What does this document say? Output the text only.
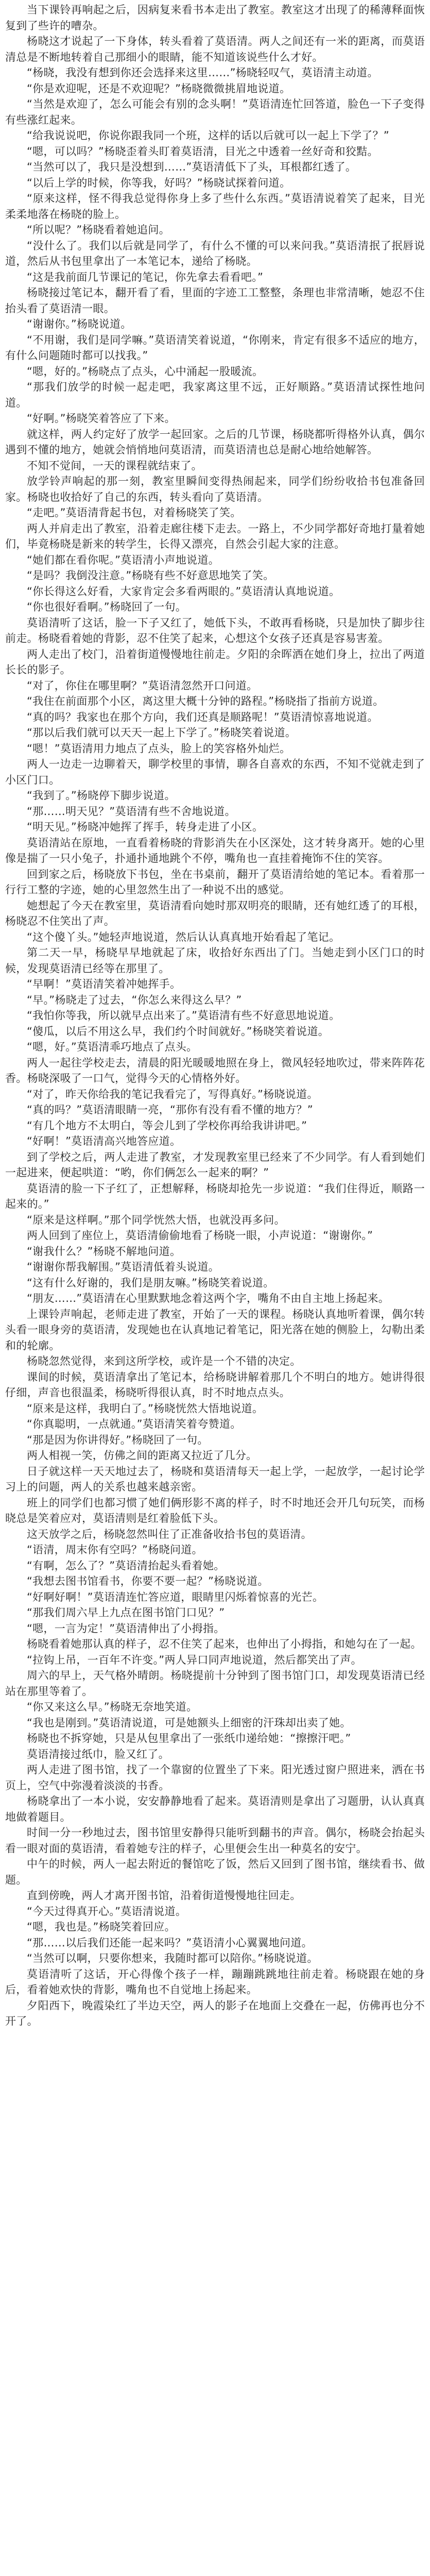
当下课铃再响起之后，因病复来看书本走出了教室。教室这才出现了的稀薄释面恢复到了些许的嘈杂。

杨晓这才说起了一下身体，转头看着了莫语清。两人之间还有一米的距离，而莫语清总是不断地转着自己那细小的眼睛，能不知道该说些什么才好。

“杨晓，我没有想到你还会选择来这里……”杨晓轻叹气，莫语清主动道。

“你是欢迎呢，还是不欢迎呢？”杨晓微微挑眉地说道。

“当然是欢迎了，怎么可能会有别的念头啊！”莫语清连忙回答道，脸色一下子变得有些涨红起来。

“给我说说吧，你说你跟我同一个班，这样的话以后就可以一起上下学了？”

“嗯，可以吗？”杨晓歪着头盯着莫语清，目光之中透着一丝好奇和狡黠。

“当然可以了，我只是没想到……”莫语清低下了头，耳根都红透了。

“以后上学的时候，你等我，好吗？”杨晓试探着问道。

“原来这样，怪不得我总觉得你身上多了些什么东西。”莫语清说着笑了起来，目光柔柔地落在杨晓的脸上。

“所以呢？”杨晓看着她追问。

“没什么了。我们以后就是同学了，有什么不懂的可以来问我。”莫语清抿了抿唇说道，然后从书包里拿出了一本笔记本，递给了杨晓。

“这是我前面几节课记的笔记，你先拿去看看吧。”

杨晓接过笔记本，翻开看了看，里面的字迹工工整整，条理也非常清晰，她忍不住抬头看了莫语清一眼。

“谢谢你。”杨晓说道。

“不用谢，我们是同学嘛。”莫语清笑着说道，“你刚来，肯定有很多不适应的地方，有什么问题随时都可以找我。”

“嗯，好的。”杨晓点了点头，心中涌起一股暖流。

“那我们放学的时候一起走吧，我家离这里不远，正好顺路。”莫语清试探性地问道。

“好啊。”杨晓笑着答应了下来。

就这样，两人约定好了放学一起回家。之后的几节课，杨晓都听得格外认真，偶尔遇到不懂的地方，她就会悄悄地问莫语清，而莫语清也总是耐心地给她解答。

不知不觉间，一天的课程就结束了。

放学铃声响起的那一刻，教室里瞬间变得热闹起来，同学们纷纷收拾书包准备回家。杨晓也收拾好了自己的东西，转头看向了莫语清。

“走吧。”莫语清背起书包，对着杨晓笑了笑。

两人并肩走出了教室，沿着走廊往楼下走去。一路上，不少同学都好奇地打量着她们，毕竟杨晓是新来的转学生，长得又漂亮，自然会引起大家的注意。

“她们都在看你呢。”莫语清小声地说道。

“是吗？我倒没注意。”杨晓有些不好意思地笑了笑。

“你长得这么好看，大家肯定会多看两眼的。”莫语清认真地说道。

“你也很好看啊。”杨晓回了一句。

莫语清听了这话，脸一下子又红了，她低下头，不敢再看杨晓，只是加快了脚步往前走。杨晓看着她的背影，忍不住笑了起来，心想这个女孩子还真是容易害羞。

两人走出了校门，沿着街道慢慢地往前走。夕阳的余晖洒在她们身上，拉出了两道长长的影子。

“对了，你住在哪里啊？”莫语清忽然开口问道。

“我住在前面那个小区，离这里大概十分钟的路程。”杨晓指了指前方说道。

“真的吗？我家也在那个方向，我们还真是顺路呢！”莫语清惊喜地说道。

“那以后我们就可以天天一起上下学了。”杨晓笑着说道。

“嗯！”莫语清用力地点了点头，脸上的笑容格外灿烂。

两人一边走一边聊着天，聊学校里的事情，聊各自喜欢的东西，不知不觉就走到了小区门口。

“我到了。”杨晓停下脚步说道。

“那……明天见？”莫语清有些不舍地说道。

“明天见。”杨晓冲她挥了挥手，转身走进了小区。

莫语清站在原地，一直看着杨晓的背影消失在小区深处，这才转身离开。她的心里像是揣了一只小兔子，扑通扑通地跳个不停，嘴角也一直挂着掩饰不住的笑容。

回到家之后，杨晓放下书包，坐在书桌前，翻开了莫语清给她的笔记本。看着那一行行工整的字迹，她的心里忽然生出了一种说不出的感觉。

她想起了今天在教室里，莫语清看向她时那双明亮的眼睛，还有她红透了的耳根，杨晓忍不住笑出了声。

“这个傻丫头。”她轻声地说道，然后认认真真地开始看起了笔记。

第二天一早，杨晓早早地就起了床，收拾好东西出了门。当她走到小区门口的时候，发现莫语清已经等在那里了。

“早啊！”莫语清笑着冲她挥手。

“早。”杨晓走了过去，“你怎么来得这么早？”

“我怕你等我，所以就早点出来了。”莫语清有些不好意思地说道。

“傻瓜，以后不用这么早，我们约个时间就好。”杨晓笑着说道。

“嗯，好。”莫语清乖巧地点了点头。

两人一起往学校走去，清晨的阳光暖暖地照在身上，微风轻轻地吹过，带来阵阵花香。杨晓深吸了一口气，觉得今天的心情格外好。

“对了，昨天你给我的笔记我看完了，写得真好。”杨晓说道。

“真的吗？”莫语清眼睛一亮，“那你有没有看不懂的地方？”

“有几个地方不太明白，等会儿到了学校你再给我讲讲吧。”

“好啊！”莫语清高兴地答应道。

到了学校之后，两人走进了教室，才发现教室里已经来了不少同学。有人看到她们一起进来，便起哄道：“哟，你们俩怎么一起来的啊？”

莫语清的脸一下子红了，正想解释，杨晓却抢先一步说道：“我们住得近，顺路一起来的。”

“原来是这样啊。”那个同学恍然大悟，也就没再多问。

两人回到了座位上，莫语清偷偷地看了杨晓一眼，小声说道：“谢谢你。”

“谢我什么？”杨晓不解地问道。

“谢谢你帮我解围。”莫语清低着头说道。

“这有什么好谢的，我们是朋友嘛。”杨晓笑着说道。

“朋友……”莫语清在心里默默地念着这两个字，嘴角不由自主地上扬起来。

上课铃声响起，老师走进了教室，开始了一天的课程。杨晓认真地听着课，偶尔转头看一眼身旁的莫语清，发现她也在认真地记着笔记，阳光落在她的侧脸上，勾勒出柔和的轮廓。

杨晓忽然觉得，来到这所学校，或许是一个不错的决定。

课间的时候，莫语清拿出了笔记本，给杨晓讲解着那几个不明白的地方。她讲得很仔细，声音也很温柔，杨晓听得很认真，时不时地点点头。

“原来是这样，我明白了。”杨晓恍然大悟地说道。

“你真聪明，一点就通。”莫语清笑着夸赞道。

“那是因为你讲得好。”杨晓回了一句。

两人相视一笑，仿佛之间的距离又拉近了几分。

日子就这样一天天地过去了，杨晓和莫语清每天一起上学，一起放学，一起讨论学习上的问题，两人的关系也越来越亲密。

班上的同学们也都习惯了她们俩形影不离的样子，时不时地还会开几句玩笑，而杨晓总是笑着应对，莫语清则是红着脸低下头。

这天放学之后，杨晓忽然叫住了正准备收拾书包的莫语清。

“语清，周末你有空吗？”杨晓问道。

“有啊，怎么了？”莫语清抬起头看着她。

“我想去图书馆看书，你要不要一起？”杨晓说道。

“好啊好啊！”莫语清连忙答应道，眼睛里闪烁着惊喜的光芒。

“那我们周六早上九点在图书馆门口见？”

“嗯，一言为定！”莫语清伸出了小拇指。

杨晓看着她那认真的样子，忍不住笑了起来，也伸出了小拇指，和她勾在了一起。

“拉钩上吊，一百年不许变。”两人异口同声地说道，然后都笑出了声。

周六的早上，天气格外晴朗。杨晓提前十分钟到了图书馆门口，却发现莫语清已经站在那里等着了。

“你又来这么早。”杨晓无奈地笑道。

“我也是刚到。”莫语清说道，可是她额头上细密的汗珠却出卖了她。

杨晓也不拆穿她，只是从包里拿出了一张纸巾递给她：“擦擦汗吧。”

莫语清接过纸巾，脸又红了。

两人走进了图书馆，找了一个靠窗的位置坐了下来。阳光透过窗户照进来，洒在书页上，空气中弥漫着淡淡的书香。

杨晓拿出了一本小说，安安静静地看了起来。莫语清则是拿出了习题册，认认真真地做着题目。

时间一分一秒地过去，图书馆里安静得只能听到翻书的声音。偶尔，杨晓会抬起头看一眼对面的莫语清，看着她专注的样子，心里便会生出一种莫名的安宁。

中午的时候，两人一起去附近的餐馆吃了饭，然后又回到了图书馆，继续看书、做题。

直到傍晚，两人才离开图书馆，沿着街道慢慢地往回走。

“今天过得真开心。”莫语清说道。

“嗯，我也是。”杨晓笑着回应。

“那……以后我们还能一起来吗？”莫语清小心翼翼地问道。

“当然可以啊，只要你想来，我随时都可以陪你。”杨晓说道。

莫语清听了这话，开心得像个孩子一样，蹦蹦跳跳地往前走着。杨晓跟在她的身后，看着她欢快的背影，嘴角也不自觉地上扬起来。

夕阳西下，晚霞染红了半边天空，两人的影子在地面上交叠在一起，仿佛再也分不开了。
